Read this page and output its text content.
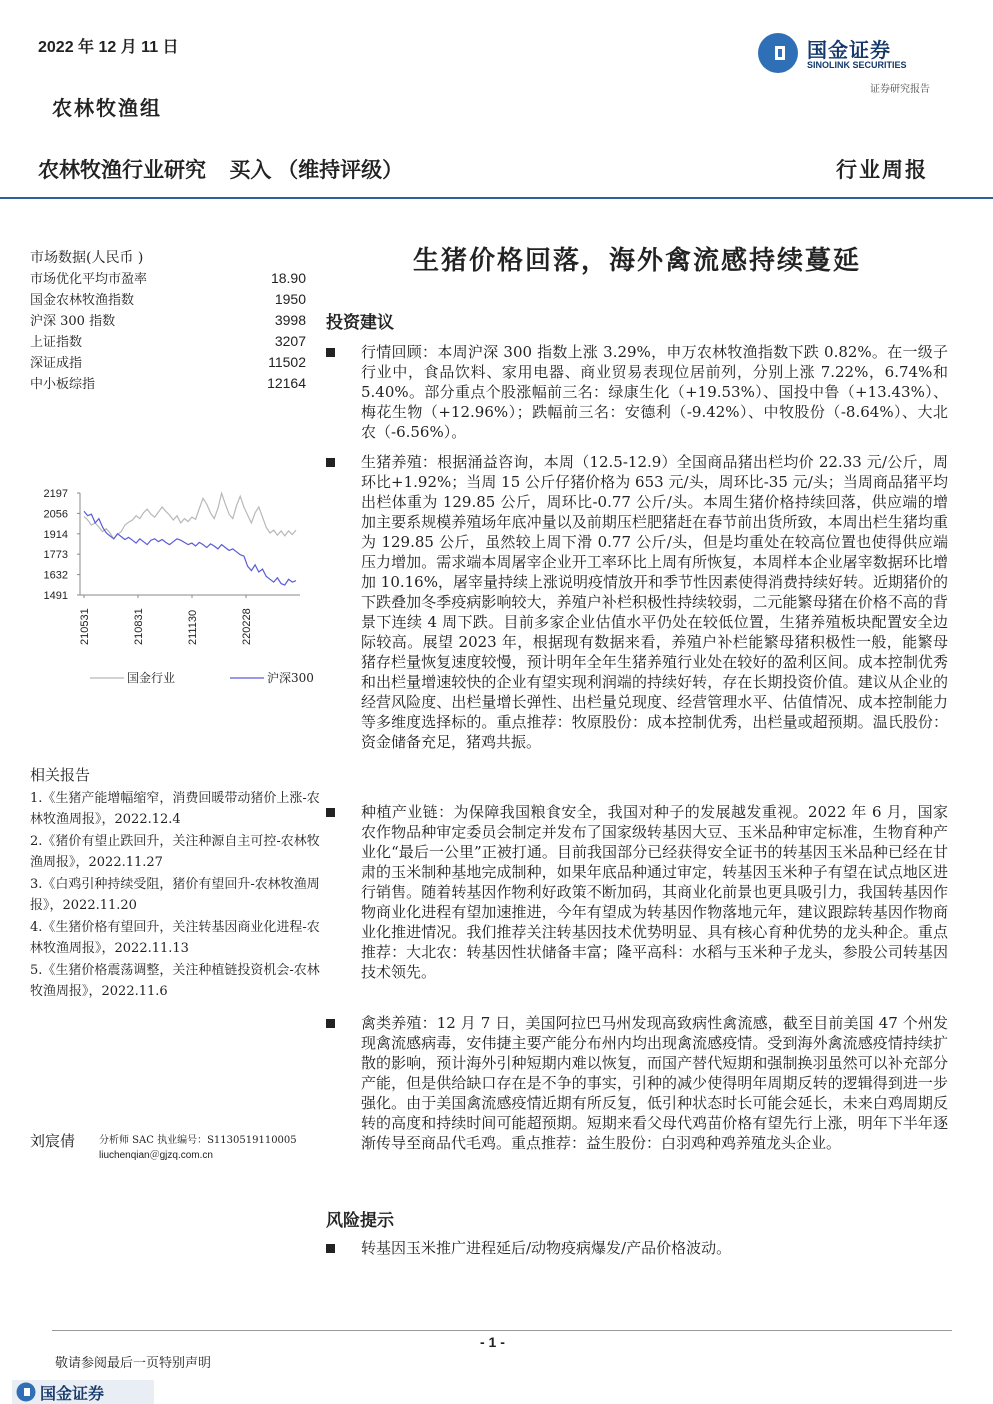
2022 年 12 月 11 日	国金证券
SINOLINK SECURITIES
证券研究报告
农林牧渔组
农林牧渔行业研究    买入 （维持评级）	行业周报
市场数据(人民币 )
市场优化平均市盈率	18.90
国金农林牧渔指数	1950
沪深 300 指数	3998
上证指数	3207
深证成指	11502
中小板综指	12164
2197
2056
1914
1773
1632
1491
210531	210831	211130	220228
国金行业	沪深300
相关报告
1.《生猪产能增幅缩窄，消费回暖带动猪价上涨-农林牧渔周报》，2022.12.4
2.《猪价有望止跌回升，关注种源自主可控-农林牧渔周报》，2022.11.27
3.《白鸡引种持续受阻，猪价有望回升-农林牧渔周报》，2022.11.20
4.《生猪价格有望回升，关注转基因商业化进程-农林牧渔周报》，2022.11.13
5.《生猪价格震荡调整，关注种植链投资机会-农林牧渔周报》，2022.11.6
刘宸倩 分析师 SAC 执业编号：S1130519110005
liuchenqian＠gjzq.com.cn
生猪价格回落，海外禽流感持续蔓延
投资建议
行情回顾：本周沪深 300 指数上涨 3.29%，申万农林牧渔指数下跌 0.82%。在一级子行业中，食品饮料、家用电器、商业贸易表现位居前列，分别上涨 7.22%，6.74%和 5.40%。部分重点个股涨幅前三名：绿康生化（+19.53%）、国投中鲁（+13.43%）、梅花生物（+12.96%）；跌幅前三名：安德利（-9.42%）、中牧股份（-8.64%）、大北农（-6.56%）。
生猪养殖：根据涌益咨询，本周（12.5-12.9）全国商品猪出栏均价 22.33 元/公斤，周环比+1.92%；当周 15 公斤仔猪价格为 653 元/头，周环比-35 元/头；当周商品猪平均出栏体重为 129.85 公斤，周环比-0.77 公斤/头。本周生猪价格持续回落，供应端的增加主要系规模养殖场年底冲量以及前期压栏肥猪赶在春节前出货所致，本周出栏生猪均重为 129.85 公斤，虽然较上周下滑 0.77 公斤/头，但是均重处在较高位置也使得供应端压力增加。需求端本周屠宰企业开工率环比上周有所恢复，本周样本企业屠宰数据环比增加 10.16%，屠宰量持续上涨说明疫情放开和季节性因素使得消费持续好转。近期猪价的下跌叠加冬季疫病影响较大，养殖户补栏积极性持续较弱，二元能繁母猪在价格不高的背景下连续 4 周下跌。目前多家企业估值水平仍处在较低位置，生猪养殖板块配置安全边际较高。展望 2023 年，根据现有数据来看，养殖户补栏能繁母猪积极性一般，能繁母猪存栏量恢复速度较慢，预计明年全年生猪养殖行业处在较好的盈利区间。成本控制优秀和出栏量增速较快的企业有望实现利润端的持续好转，存在长期投资价值。建议从企业的经营风险度、出栏量增长弹性、出栏量兑现度、经营管理水平、估值情况、成本控制能力等多维度选择标的。重点推荐：牧原股份：成本控制优秀，出栏量或超预期。温氏股份：资金储备充足，猪鸡共振。
种植产业链：为保障我国粮食安全，我国对种子的发展越发重视。2022 年 6 月，国家农作物品种审定委员会制定并发布了国家级转基因大豆、玉米品种审定标准，生物育种产业化“最后一公里”正被打通。目前我国部分已经获得安全证书的转基因玉米品种已经在甘肃的玉米制种基地完成制种，如果年底品种通过审定，转基因玉米种子有望在试点地区进行销售。随着转基因作物利好政策不断加码，其商业化前景也更具吸引力，我国转基因作物商业化进程有望加速推进，今年有望成为转基因作物落地元年，建议跟踪转基因作物商业化推进情况。我们推荐关注转基因技术优势明显、具有核心育种优势的龙头种企。重点推荐：大北农：转基因性状储备丰富；隆平高科：水稻与玉米种子龙头，参股公司转基因技术领先。
禽类养殖：12 月 7 日，美国阿拉巴马州发现高致病性禽流感，截至目前美国 47 个州发现禽流感病毒，安伟捷主要产能分布州内均出现禽流感疫情。受到海外禽流感疫情持续扩散的影响，预计海外引种短期内难以恢复，而国产替代短期和强制换羽虽然可以补充部分产能，但是供给缺口存在是不争的事实，引种的减少使得明年周期反转的逻辑得到进一步强化。由于美国禽流感疫情近期有所反复，低引种状态时长可能会延长，未来白鸡周期反转的高度和持续时间可能超预期。短期来看父母代鸡苗价格有望先行上涨，明年下半年逐渐传导至商品代毛鸡。重点推荐：益生股份：白羽鸡种鸡养殖龙头企业。
风险提示
转基因玉米推广进程延后/动物疫病爆发/产品价格波动。
- 1 -
敬请参阅最后一页特别声明
国金证券
